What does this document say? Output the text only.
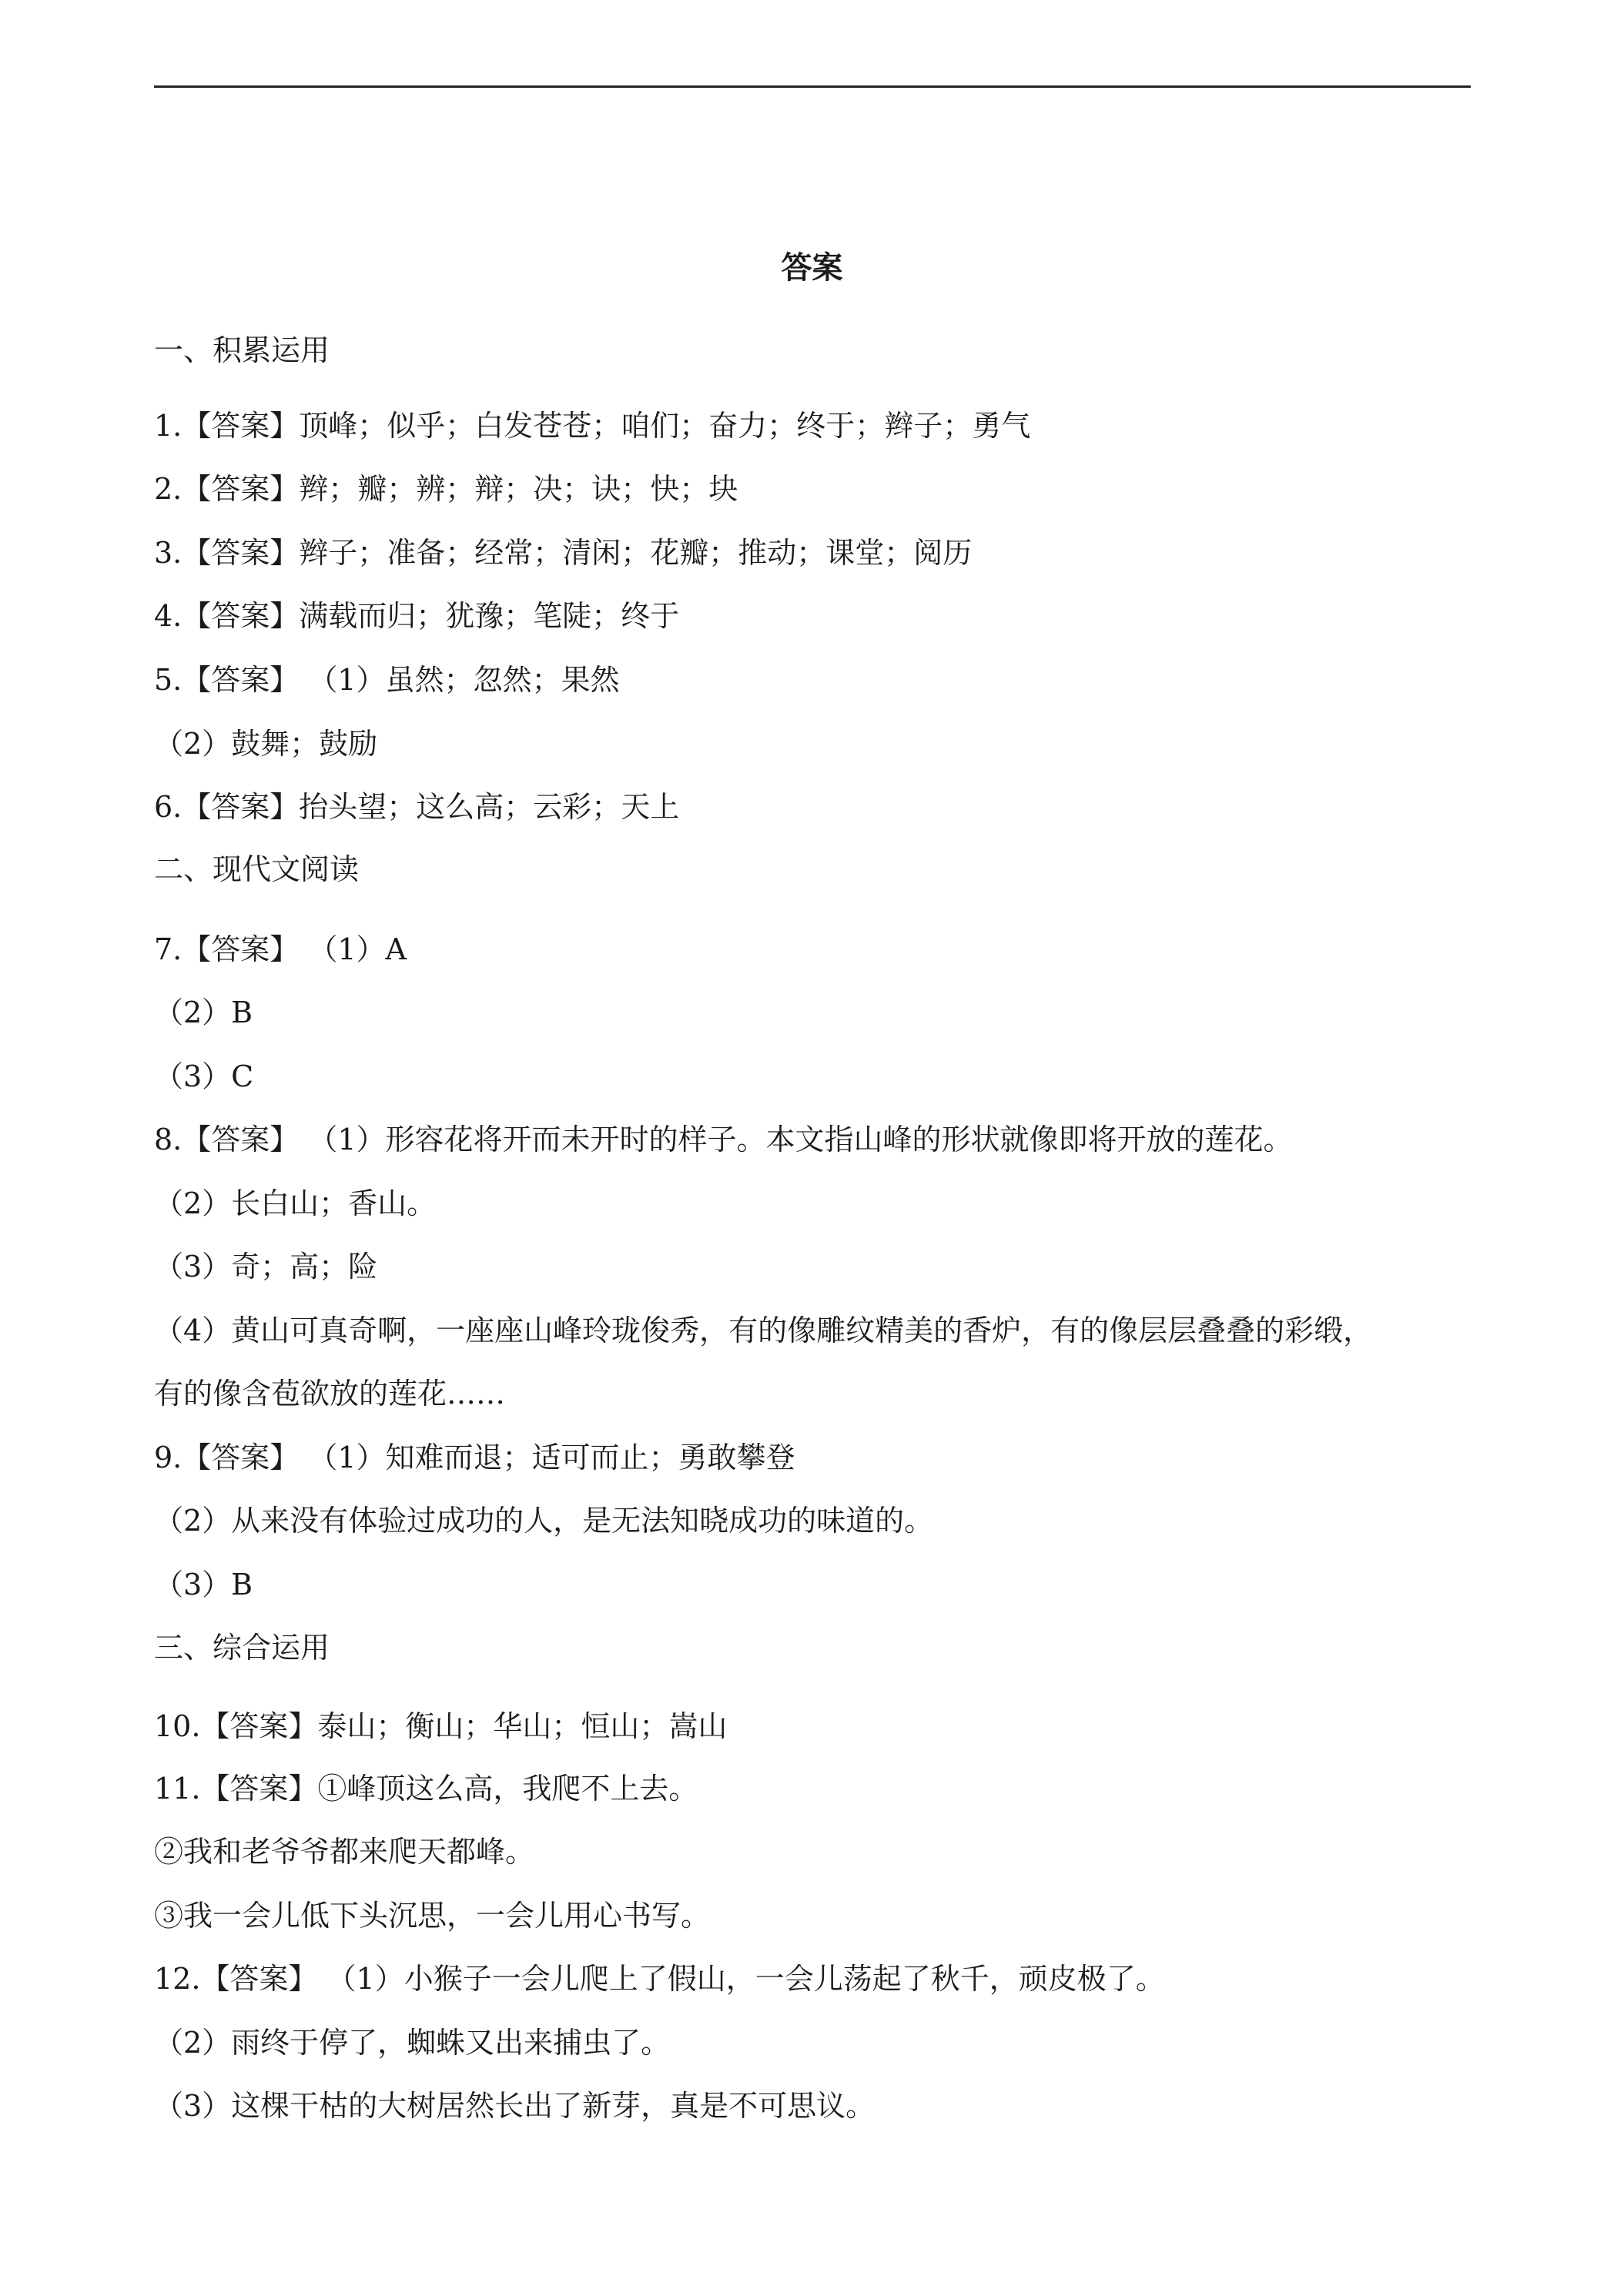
答案
一、积累运用
1.【答案】顶峰；似乎；白发苍苍；咱们；奋力；终于；辫子；勇气
2.【答案】辫；瓣；辨；辩；决；诀；快；块
3.【答案】辫子；准备；经常；清闲；花瓣；推动；课堂；阅历
4.【答案】满载而归；犹豫；笔陡；终于
5.【答案】 （1）虽然；忽然；果然
（2）鼓舞；鼓励
6.【答案】抬头望；这么高；云彩；天上
二、现代文阅读
7.【答案】 （1）A
（2）B
（3）C
8.【答案】 （1）形容花将开而未开时的样子。本文指山峰的形状就像即将开放的莲花。
（2）长白山；香山。
（3）奇；高；险
（4）黄山可真奇啊，一座座山峰玲珑俊秀，有的像雕纹精美的香炉，有的像层层叠叠的彩缎，
有的像含苞欲放的莲花……
9.【答案】 （1）知难而退；适可而止；勇敢攀登
（2）从来没有体验过成功的人，是无法知晓成功的味道的。
（3）B
三、综合运用
10.【答案】泰山；衡山；华山；恒山；嵩山
11.【答案】①峰顶这么高，我爬不上去。
②我和老爷爷都来爬天都峰。
③我一会儿低下头沉思，一会儿用心书写。
12.【答案】 （1）小猴子一会儿爬上了假山，一会儿荡起了秋千，顽皮极了。
（2）雨终于停了，蜘蛛又出来捕虫了。
（3）这棵干枯的大树居然长出了新芽，真是不可思议。
